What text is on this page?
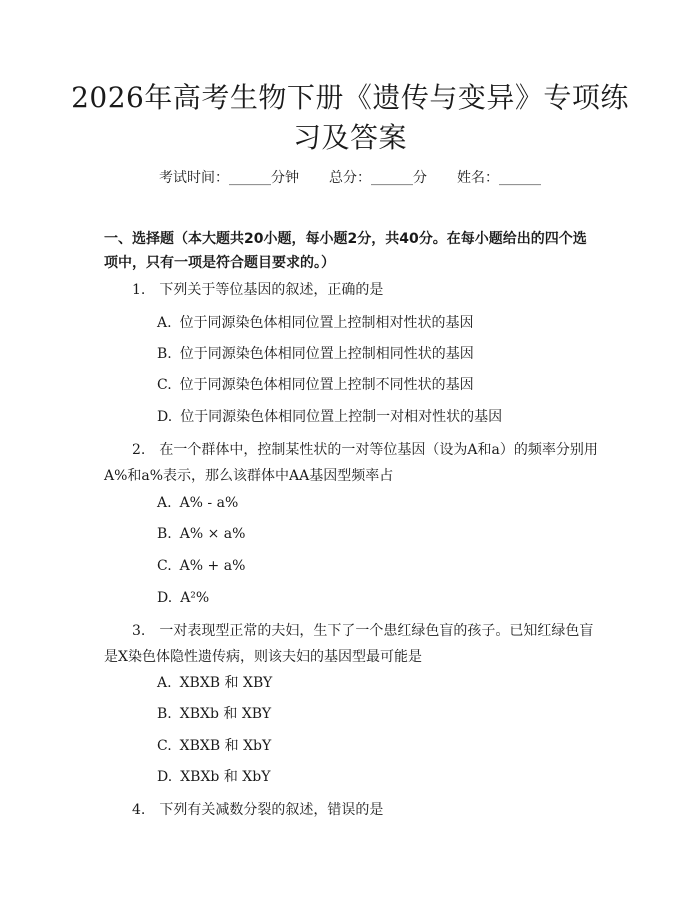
2026年高考生物下册《遗传与变异》专项练习及答案
考试时间：______分钟 总分：______分 姓名：______
一、选择题（本大题共20小题，每小题2分，共40分。在每小题给出的四个选项中，只有一项是符合题目要求的。）
1. 下列关于等位基因的叙述，正确的是
A. 位于同源染色体相同位置上控制相对性状的基因
B. 位于同源染色体相同位置上控制相同性状的基因
C. 位于同源染色体相同位置上控制不同性状的基因
D. 位于同源染色体相同位置上控制一对相对性状的基因
2. 在一个群体中，控制某性状的一对等位基因（设为A和a）的频率分别用A%和a%表示，那么该群体中AA基因型频率占
A. A% - a%
B. A% × a%
C. A% + a%
D. A²%
3. 一对表现型正常的夫妇，生下了一个患红绿色盲的孩子。已知红绿色盲是X染色体隐性遗传病，则该夫妇的基因型最可能是
A. XBXB 和 XBY
B. XBXb 和 XBY
C. XBXB 和 XbY
D. XBXb 和 XbY
4. 下列有关减数分裂的叙述，错误的是
